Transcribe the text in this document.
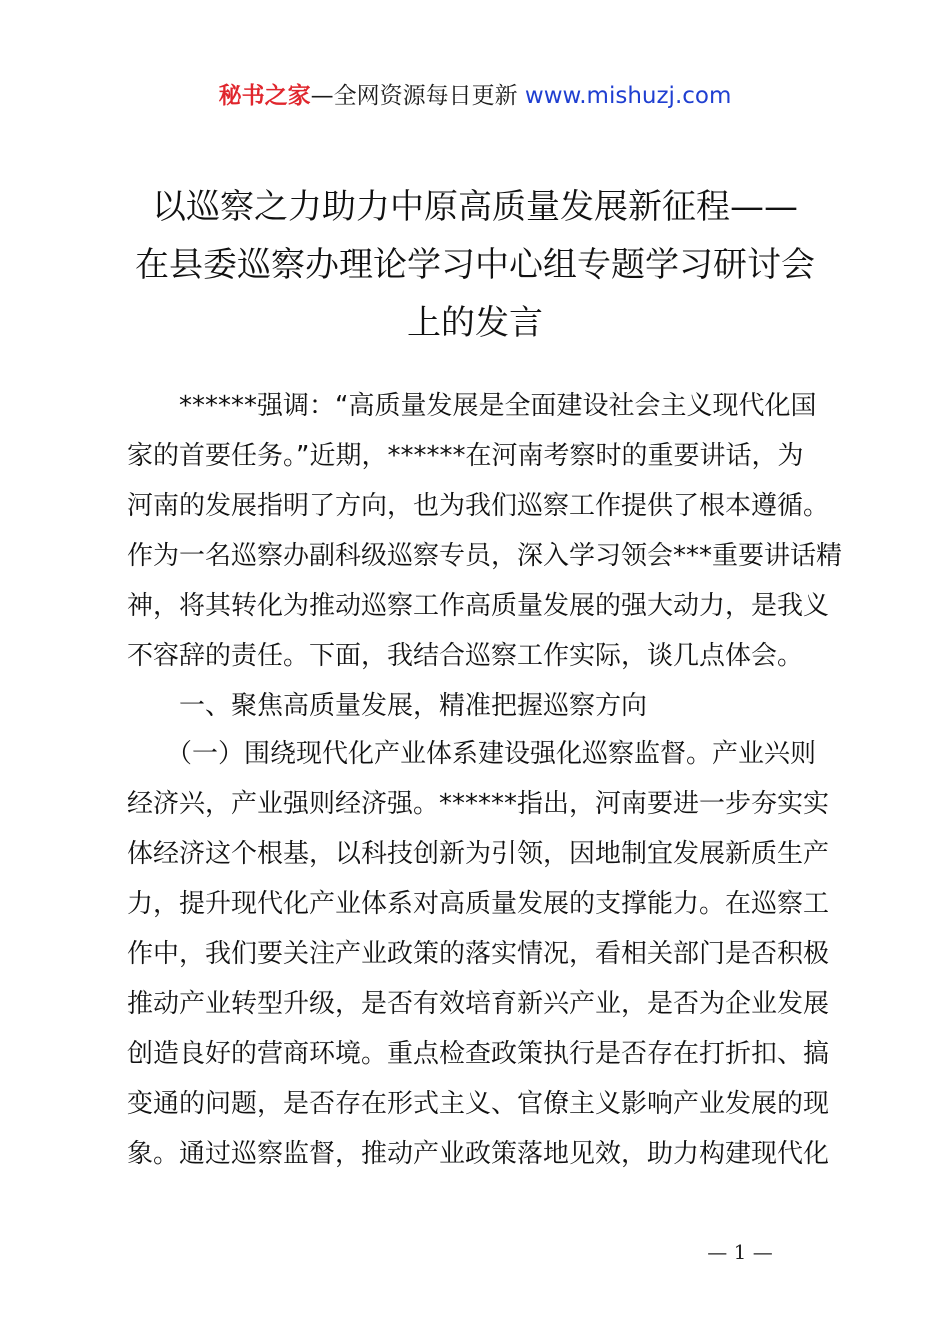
秘书之家—全网资源每日更新 www.mishuzj.com
以巡察之力助力中原高质量发展新征程——
在县委巡察办理论学习中心组专题学习研讨会
上的发言
　　******强调：“高质量发展是全面建设社会主义现代化国
家的首要任务。”近期，******在河南考察时的重要讲话，为
河南的发展指明了方向，也为我们巡察工作提供了根本遵循。
作为一名巡察办副科级巡察专员，深入学习领会***重要讲话精
神，将其转化为推动巡察工作高质量发展的强大动力，是我义
不容辞的责任。下面，我结合巡察工作实际，谈几点体会。
　　一、聚焦高质量发展，精准把握巡察方向
　　（一）围绕现代化产业体系建设强化巡察监督。产业兴则
经济兴，产业强则经济强。******指出，河南要进一步夯实实
体经济这个根基，以科技创新为引领，因地制宜发展新质生产
力，提升现代化产业体系对高质量发展的支撑能力。在巡察工
作中，我们要关注产业政策的落实情况，看相关部门是否积极
推动产业转型升级，是否有效培育新兴产业，是否为企业发展
创造良好的营商环境。重点检查政策执行是否存在打折扣、搞
变通的问题，是否存在形式主义、官僚主义影响产业发展的现
象。通过巡察监督，推动产业政策落地见效，助力构建现代化
— 1 —
